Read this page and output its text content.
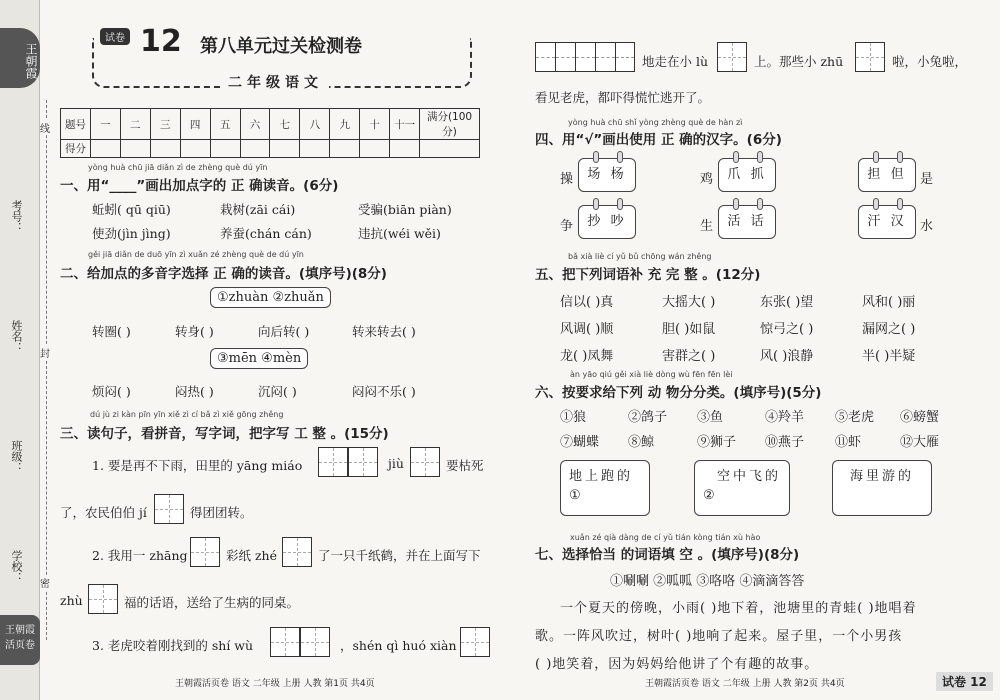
王朝霞
线
封
密
考号：
姓名：
班级：
学校：
王朝霞
活页卷
试卷 12 第八单元过关检测卷
二年级语文
题号	一	二	三	四	五	六	七	八	九	十	十一	满分(100分)
得分												
yòng huà chū jiā diǎn zì de zhèng què dú yīn
一、用“____”画出加点字的 正 确读音。(6分)
蚯蚓( qū qiū)	栽树(zāi cái)	受骗(biān piàn)
使劲(jìn jìng)	养蚕(chán cán)	违抗(wéi wěi)
gěi jiā diǎn de duō yīn zì xuǎn zé zhèng què de dú yīn
二、给加点的多音字选择 正 确的读音。(填序号)(8分)
①zhuàn ②zhuǎn
转圈( )	转身( )	向后转( )	转来转去( )
③mēn ④mèn
烦闷( )	闷热( )	沉闷( )	闷闷不乐( )
dú jù zi kàn pīn yīn xiě zì cí bǎ zì xiě gōng zhěng
三、读句子，看拼音，写字词，把字写 工 整 。(15分)
1. 要是再不下雨，田里的 yāng miáo	jiù	要枯死
了，农民伯伯 jí	得团团转。
2. 我用一 zhāng	彩纸 zhé	了一只千纸鹤，并在上面写下
zhù	福的话语，送给了生病的同桌。
3. 老虎咬着刚找到的 shí wù	，shén qì huó xiàn
王朝霞活页卷 语文 二年级 上册 人教 第1页 共4页
地走在小 lù	上。那些小 zhū	啦，小兔啦，
看见老虎，都吓得慌忙逃开了。
yòng huà chū shǐ yòng zhèng què de hàn zì
四、用“√”画出使用 正 确的汉字。(6分)
操	场 杨	鸡	爪 抓	担 但	是
争	抄 吵	生	活 话	汗 汉	水
bǎ xià liè cí yǔ bǔ chōng wán zhěng
五、把下列词语补 充 完 整 。(12分)
信以( )真	大摇大( )	东张( )望	风和( )丽
风调( )顺	胆( )如鼠	惊弓之( )	漏网之( )
龙( )凤舞	害群之( )	风( )浪静	半( )半疑
àn yāo qiú gěi xià liè dòng wù fēn fēn lèi
六、按要求给下列 动 物分分类。(填序号)(5分)
①狼	②鸽子 ③鱼	④羚羊 ⑤老虎 ⑥螃蟹
⑦蝴蝶 ⑧鲸	⑨狮子 ⑩燕子 ⑪虾	⑫大雁
地上跑的
①
空中飞的
②
海里游的
xuǎn zé qià dàng de cí yǔ tián kòng tián xù hào
七、选择恰当 的词语填 空 。(填序号)(8分)
①唰唰 ②呱呱 ③咯咯 ④滴滴答答
一个夏天的傍晚，小雨( )地下着，池塘里的青蛙( )地唱着
歌。一阵风吹过，树叶( )地响了起来。屋子里，一个小男孩
( )地笑着，因为妈妈给他讲了个有趣的故事。
王朝霞活页卷 语文 二年级 上册 人教 第2页 共4页	试卷 12
